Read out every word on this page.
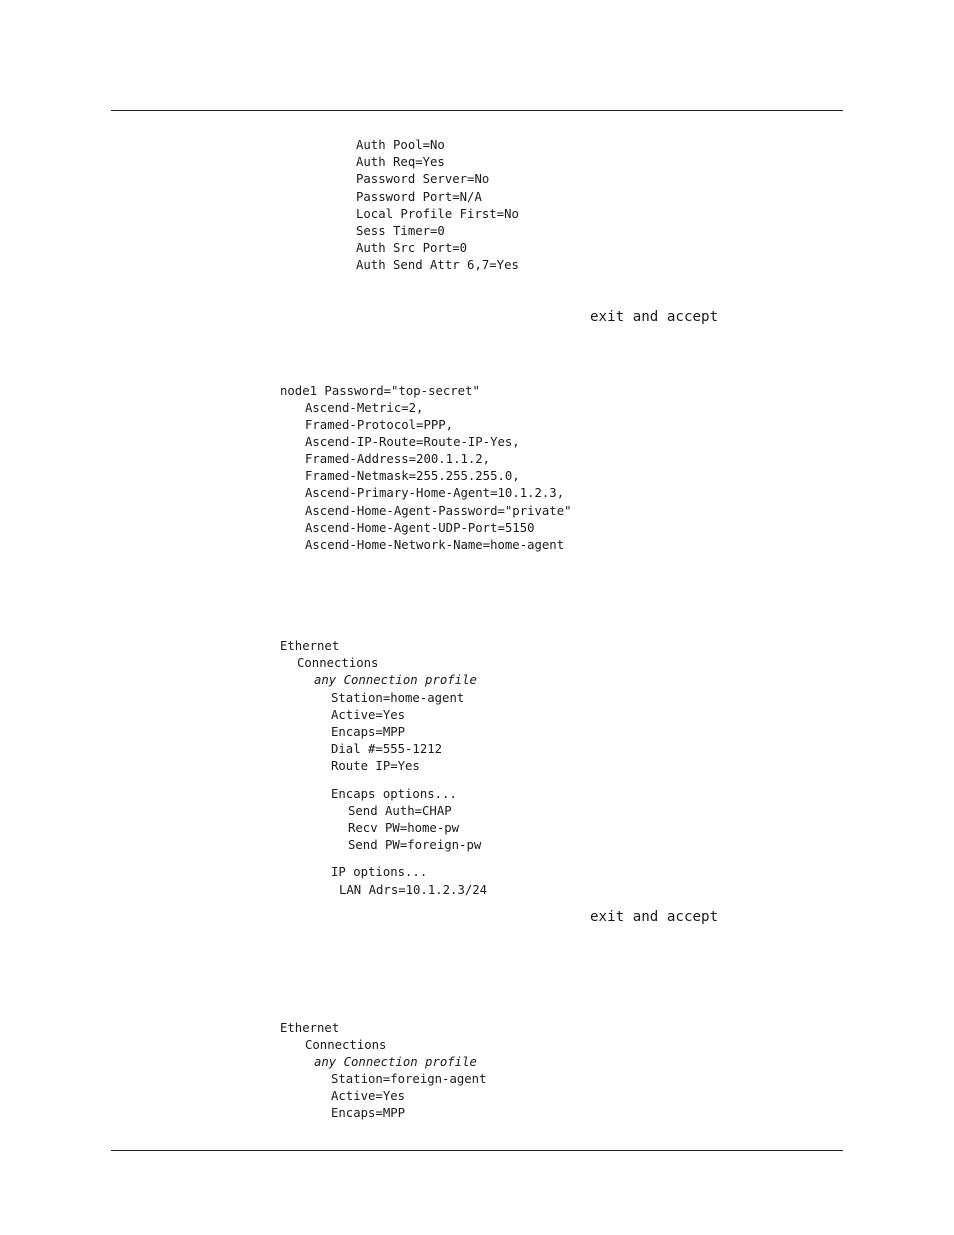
Auth Pool=No
Auth Req=Yes
Password Server=No
Password Port=N/A
Local Profile First=No
Sess Timer=0
Auth Src Port=0
Auth Send Attr 6,7=Yes
exit and accept
node1 Password="top-secret"
Ascend-Metric=2,
Framed-Protocol=PPP,
Ascend-IP-Route=Route-IP-Yes,
Framed-Address=200.1.1.2,
Framed-Netmask=255.255.255.0,
Ascend-Primary-Home-Agent=10.1.2.3,
Ascend-Home-Agent-Password="private"
Ascend-Home-Agent-UDP-Port=5150
Ascend-Home-Network-Name=home-agent
Ethernet
Connections
any Connection profile
Station=home-agent
Active=Yes
Encaps=MPP
Dial #=555-1212
Route IP=Yes
Encaps options...
Send Auth=CHAP
Recv PW=home-pw
Send PW=foreign-pw
IP options...
LAN Adrs=10.1.2.3/24
exit and accept
Ethernet
Connections
any Connection profile
Station=foreign-agent
Active=Yes
Encaps=MPP
